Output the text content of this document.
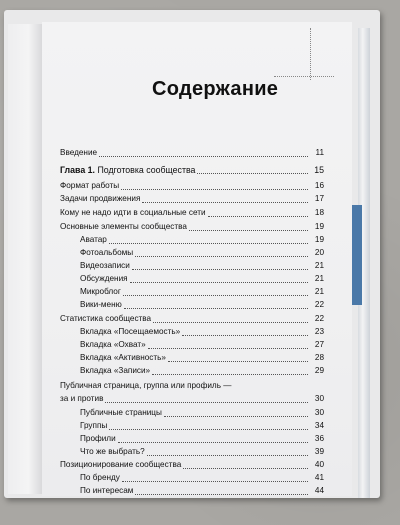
Содержание
Введение	11
Глава 1. Подготовка сообщества	15
Формат работы	16
Задачи продвижения	17
Кому не надо идти в социальные сети	18
Основные элементы сообщества	19
Аватар	19
Фотоальбомы	20
Видеозаписи	21
Обсуждения	21
Микроблог	21
Вики-меню	22
Статистика сообщества	22
Вкладка «Посещаемость»	23
Вкладка «Охват»	27
Вкладка «Активность»	28
Вкладка «Записи»	29
Публичная страница, группа или профиль —
за и против	30
Публичные страницы	30
Группы	34
Профили	36
Что же выбрать?	39
Позиционирование сообщества	40
По бренду	41
По интересам	44
